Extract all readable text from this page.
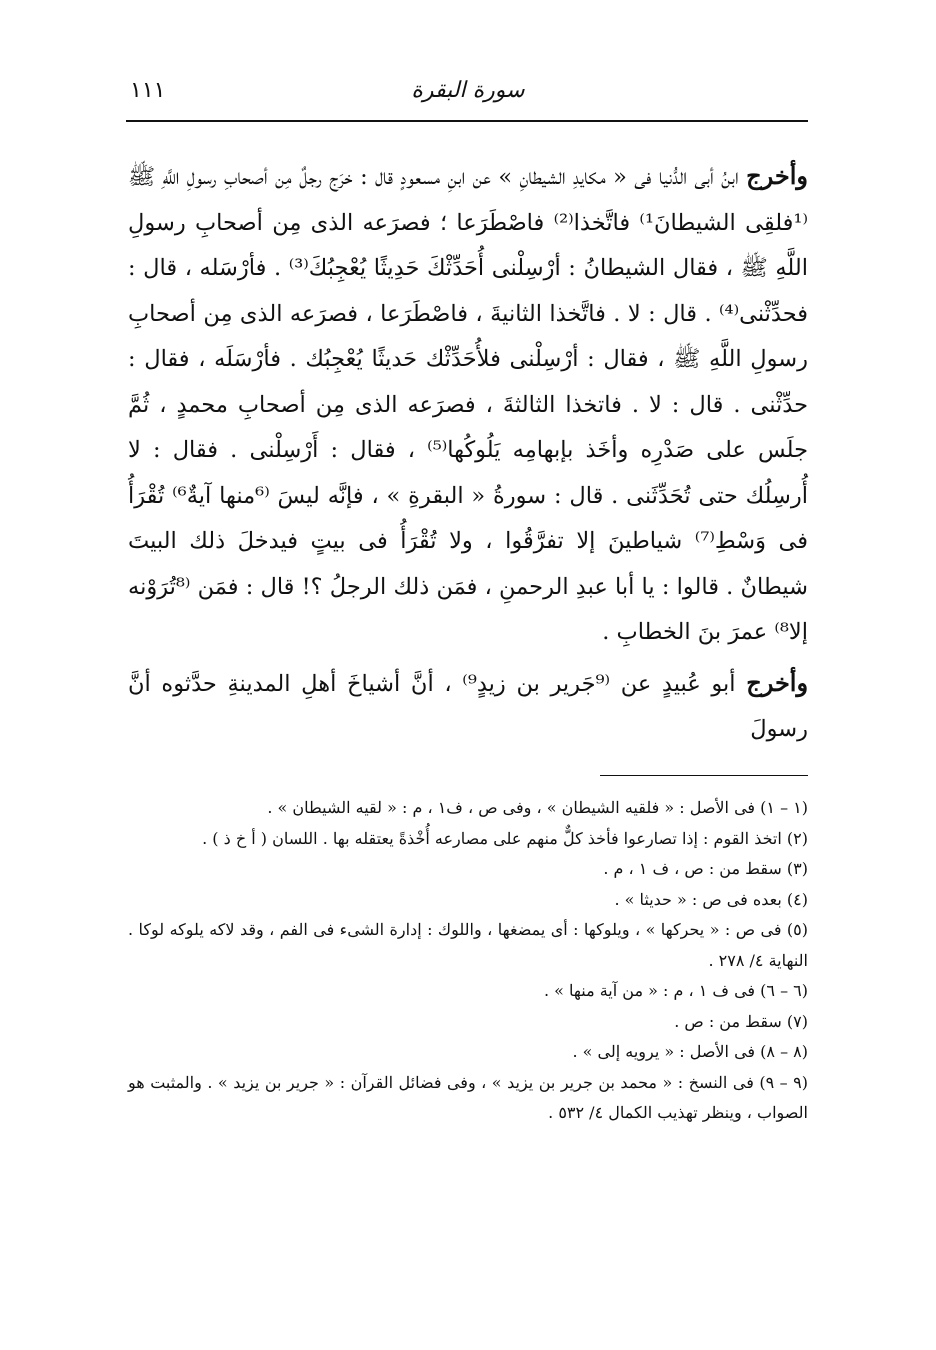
سورة البقرة
١١١

وأخرج ابنُ أبى الدُّنيا فى « مكايدِ الشيطانِ » عن ابنِ مسعودٍ قال : خرَج رجلٌ مِن أصحابِ رسولِ اللَّهِ ﷺ ⁽¹فلقِى الشيطانَ¹⁾ فاتَّخذا⁽²⁾ فاصْطَرَعا ؛ فصرَعه الذى مِن أصحابِ رسولِ اللَّهِ ﷺ ، فقال الشيطانُ : أرْسِلْنى أُحَدِّثْكَ حَدِيثًا يُعْجِبُكَ⁽³⁾ . فأرْسَله ، قال : فحدِّثْنى⁽⁴⁾ . قال : لا . فاتَّخذا الثانيةَ ، فاصْطَرَعا ، فصرَعه الذى مِن أصحابِ رسولِ اللَّهِ ﷺ ، فقال : أرْسِلْنى فلأُحَدِّثْك حَديثًا يُعْجِبُك . فأرْسَلَه ، فقال : حدِّثْنى . قال : لا . فاتخذا الثالثةَ ، فصرَعه الذى مِن أصحابِ محمدٍ ، ثُمَّ جلَس على صَدْرِه وأخَذ بإبهامِه يَلُوكُها⁽⁵⁾ ، فقال : أَرْسِلْنى . فقال : لا أُرسِلُك حتى تُحَدِّثَنى . قال : سورةُ « البقرةِ » ، فإنَّه ليسَ ⁽⁶منها آيةٌ⁶⁾ تُقْرَأُ فى وَسْطِ⁽⁷⁾ شياطينَ إلا تفرَّقُوا ، ولا تُقْرَأُ فى بيتٍ فيدخلَ ذلك البيتَ شيطانٌ . قالوا : يا أبا عبدِ الرحمنِ ، فمَن ذلك الرجلُ ؟! قال : فمَن ⁽⁸تُرَوْنه إلا⁸⁾ عمرَ بنَ الخطابِ .

وأخرج أبو عُبيدٍ عن ⁽⁹جَرير بن زيدٍ⁹⁾ ، أنَّ أشياخَ أهلِ المدينةِ حدَّثوه أنَّ رسولَ

(١ – ١) فى الأصل : « فلقيه الشيطان » ، وفى ص ، ف١ ، م : « لقيه الشيطان » .

(٢) اتخذ القوم : إذا تصارعوا فأخذ كلٌّ منهم على مصارعه أُخْذةً يعتقله بها . اللسان ( أ خ ذ ) .

(٣) سقط من : ص ، ف ١ ، م .

(٤) بعده فى ص : « حديثا » .

(٥) فى ص : « يحركها » ، ويلوكها : أى يمضغها ، واللوك : إدارة الشىء فى الفم ، وقد لاكه يلوكه لوكا . النهاية ٤/ ٢٧٨ .

(٦ – ٦) فى ف ١ ، م : « من آية منها » .

(٧) سقط من : ص .

(٨ – ٨) فى الأصل : « يرويه إلى » .

(٩ – ٩) فى النسخ : « محمد بن جرير بن يزيد » ، وفى فضائل القرآن : « جرير بن يزيد » . والمثبت هو الصواب ، وينظر تهذيب الكمال ٤/ ٥٣٢ .
